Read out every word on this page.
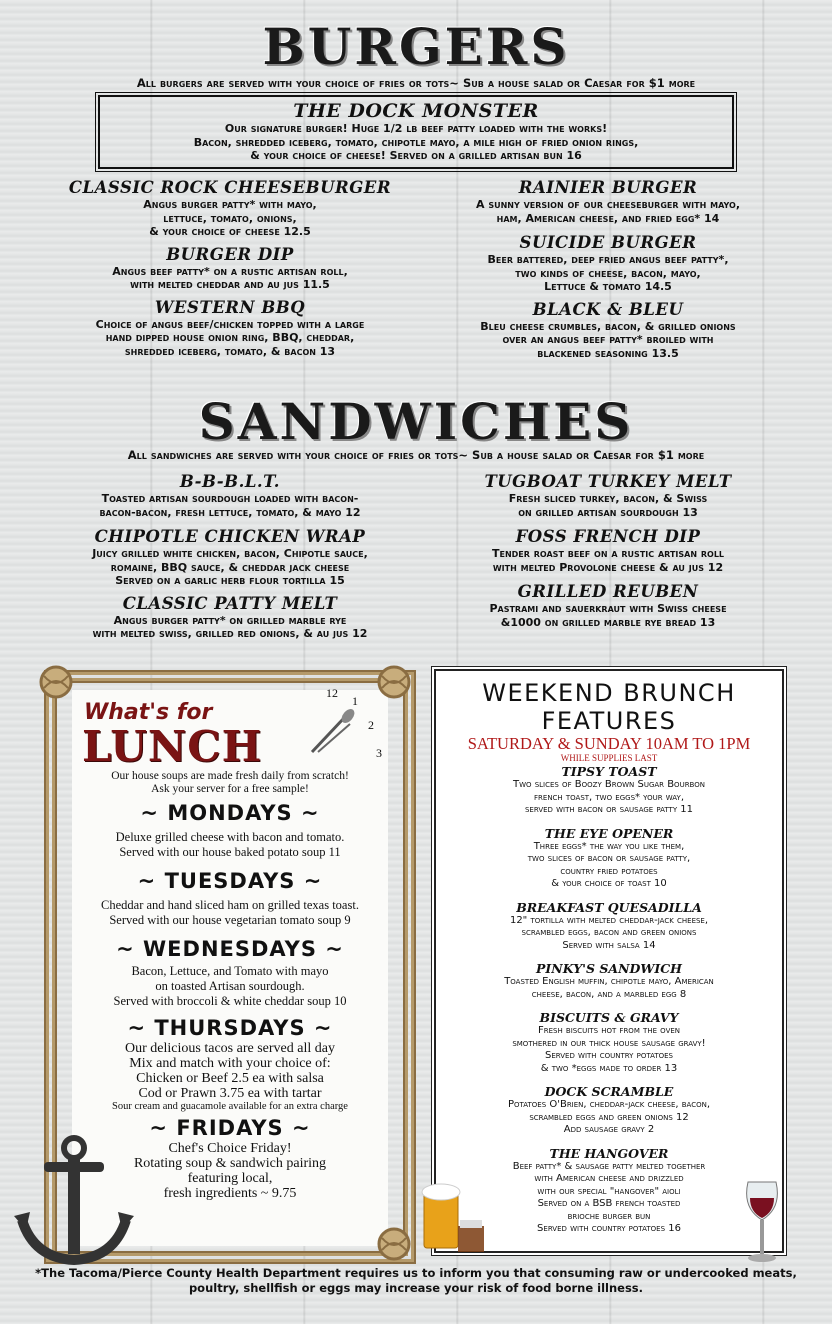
BURGERS
All burgers are served with your choice of fries or tots~ Sub a house salad or Caesar for $1 more
THE DOCK MONSTER
Our signature burger! Huge 1/2 lb beef patty loaded with the works!
Bacon, shredded iceberg, tomato, chipotle mayo, a mile high of fried onion rings,
& your choice of cheese! Served on a grilled artisan bun 16
CLASSIC ROCK CHEESEBURGER
Angus burger patty* with mayo,
lettuce, tomato, onions,
& your choice of cheese 12.5
BURGER DIP
Angus beef patty* on a rustic artisan roll,
with melted cheddar and au jus 11.5
WESTERN BBQ
Choice of angus beef/chicken topped with a large
hand dipped house onion ring, BBQ, cheddar,
shredded iceberg, tomato, & bacon 13
RAINIER BURGER
A sunny version of our cheeseburger with mayo,
ham, American cheese, and fried egg* 14
SUICIDE BURGER
Beer battered, deep fried angus beef patty*,
two kinds of cheese, bacon, mayo,
Lettuce & tomato 14.5
BLACK & BLEU
Bleu cheese crumbles, bacon, & grilled onions
over an angus beef patty* broiled with
blackened seasoning 13.5
SANDWICHES
All sandwiches are served with your choice of fries or tots~ Sub a house salad or Caesar for $1 more
B-B-B.L.T.
Toasted artisan sourdough loaded with bacon-
bacon-bacon, fresh lettuce, tomato, & mayo 12
CHIPOTLE CHICKEN WRAP
Juicy grilled white chicken, bacon, Chipotle sauce,
romaine, BBQ sauce, & cheddar jack cheese
Served on a garlic herb flour tortilla 15
CLASSIC PATTY MELT
Angus burger patty* on grilled marble rye
with melted swiss, grilled red onions, & au jus 12
TUGBOAT TURKEY MELT
Fresh sliced turkey, bacon, & Swiss
on grilled artisan sourdough 13
FOSS FRENCH DIP
Tender roast beef on a rustic artisan roll
with melted Provolone cheese & au jus 12
GRILLED REUBEN
Pastrami and sauerkraut with Swiss cheese
&1000 on grilled marble rye bread 13
What's for
LUNCH
12
1
2
3
Our house soups are made fresh daily from scratch!
Ask your server for a free sample!
~ MONDAYS ~
Deluxe grilled cheese with bacon and tomato.
Served with our house baked potato soup 11
~ TUESDAYS ~
Cheddar and hand sliced ham on grilled texas toast.
Served with our house vegetarian tomato soup 9
~ WEDNESDAYS ~
Bacon, Lettuce, and Tomato with mayo
on toasted Artisan sourdough.
Served with broccoli & white cheddar soup 10
~ THURSDAYS ~
Our delicious tacos are served all day
Mix and match with your choice of:
Chicken or Beef 2.5 ea with salsa
Cod or Prawn 3.75 ea with tartar
Sour cream and guacamole available for an extra charge
~ FRIDAYS ~
Chef's Choice Friday!
Rotating soup & sandwich pairing
featuring local,
fresh ingredients ~ 9.75
WEEKEND BRUNCH
FEATURES
SATURDAY & SUNDAY 10AM TO 1PM
WHILE SUPPLIES LAST
TIPSY TOAST
Two slices of Boozy Brown Sugar Bourbon
french toast, two eggs* your way,
served with bacon or sausage patty 11
THE EYE OPENER
Three eggs* the way you like them,
two slices of bacon or sausage patty,
country fried potatoes
& your choice of toast 10
BREAKFAST QUESADILLA
12" tortilla with melted cheddar-jack cheese,
scrambled eggs, bacon and green onions
Served with salsa 14
PINKY'S SANDWICH
Toasted English muffin, chipotle mayo, American
cheese, bacon, and a marbled egg 8
BISCUITS & GRAVY
Fresh biscuits hot from the oven
smothered in our thick house sausage gravy!
Served with country potatoes
& two *eggs made to order 13
DOCK SCRAMBLE
Potatoes O'Brien, cheddar-jack cheese, bacon,
scrambled eggs and green onions 12
Add sausage gravy 2
THE HANGOVER
Beef patty* & sausage patty melted together
with American cheese and drizzled
with our special "hangover" aioli
Served on a BSB french toasted
brioche burger bun
Served with country potatoes 16
*The Tacoma/Pierce County Health Department requires us to inform you that consuming raw or undercooked meats,
poultry, shellfish or eggs may increase your risk of food borne illness.
